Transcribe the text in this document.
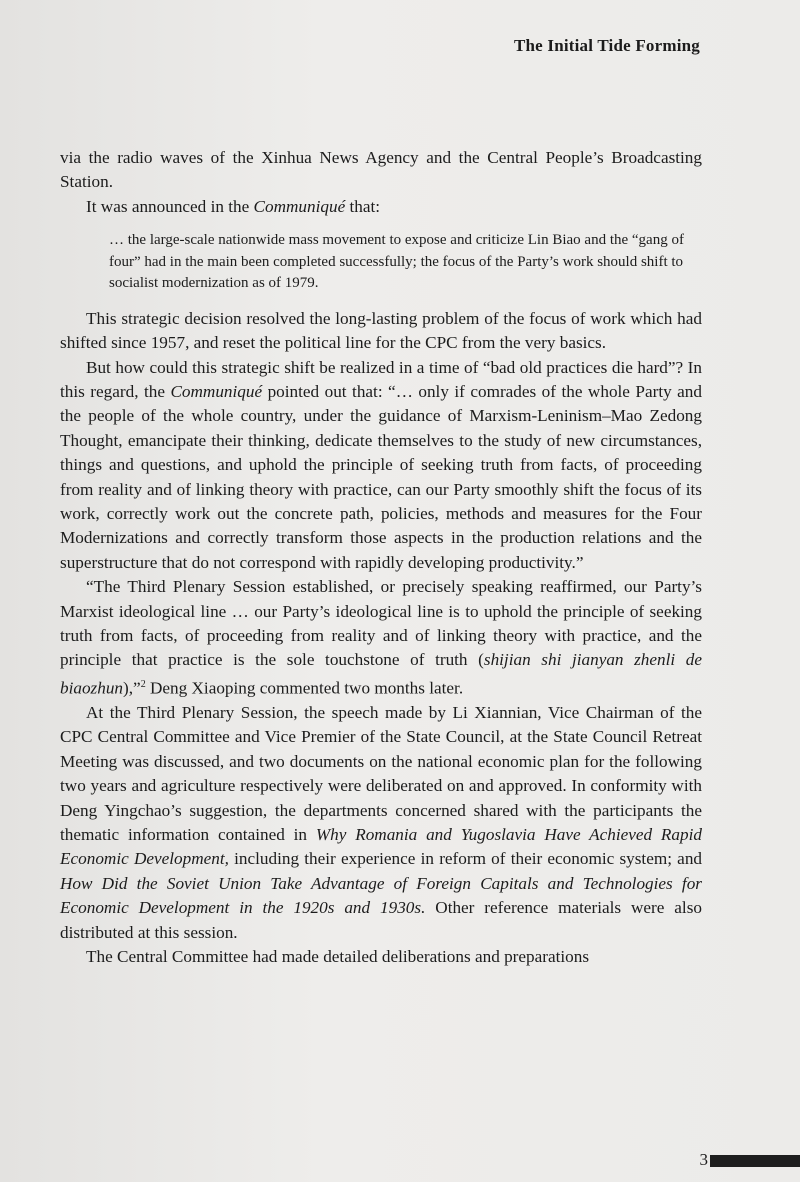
The Initial Tide Forming

via the radio waves of the Xinhua News Agency and the Central People’s Broadcasting Station.

It was announced in the Communiqué that:

… the large-scale nationwide mass movement to expose and criticize Lin Biao and the “gang of four” had in the main been completed successfully; the focus of the Party’s work should shift to socialist modernization as of 1979.

This strategic decision resolved the long-lasting problem of the focus of work which had shifted since 1957, and reset the political line for the CPC from the very basics.

But how could this strategic shift be realized in a time of “bad old practices die hard”? In this regard, the Communiqué pointed out that: “… only if comrades of the whole Party and the people of the whole country, under the guidance of Marxism-Leninism–Mao Zedong Thought, emancipate their thinking, dedicate themselves to the study of new circumstances, things and questions, and uphold the principle of seeking truth from facts, of proceeding from reality and of linking theory with practice, can our Party smoothly shift the focus of its work, correctly work out the concrete path, policies, methods and measures for the Four Modernizations and correctly transform those aspects in the production relations and the superstructure that do not correspond with rapidly developing productivity.”

“The Third Plenary Session established, or precisely speaking reaffirmed, our Party’s Marxist ideological line … our Party’s ideological line is to uphold the principle of seeking truth from facts, of proceeding from reality and of linking theory with practice, and the principle that practice is the sole touchstone of truth (shijian shi jianyan zhenli de biaozhun),”$^2$ Deng Xiaoping commented two months later.

At the Third Plenary Session, the speech made by Li Xiannian, Vice Chairman of the CPC Central Committee and Vice Premier of the State Council, at the State Council Retreat Meeting was discussed, and two documents on the national economic plan for the following two years and agriculture respectively were deliberated on and approved. In conformity with Deng Yingchao’s suggestion, the departments concerned shared with the participants the thematic information contained in Why Romania and Yugoslavia Have Achieved Rapid Economic Development, including their experience in reform of their economic system; and How Did the Soviet Union Take Advantage of Foreign Capitals and Technologies for Economic Development in the 1920s and 1930s. Other reference materials were also distributed at this session.

The Central Committee had made detailed deliberations and preparations

3
